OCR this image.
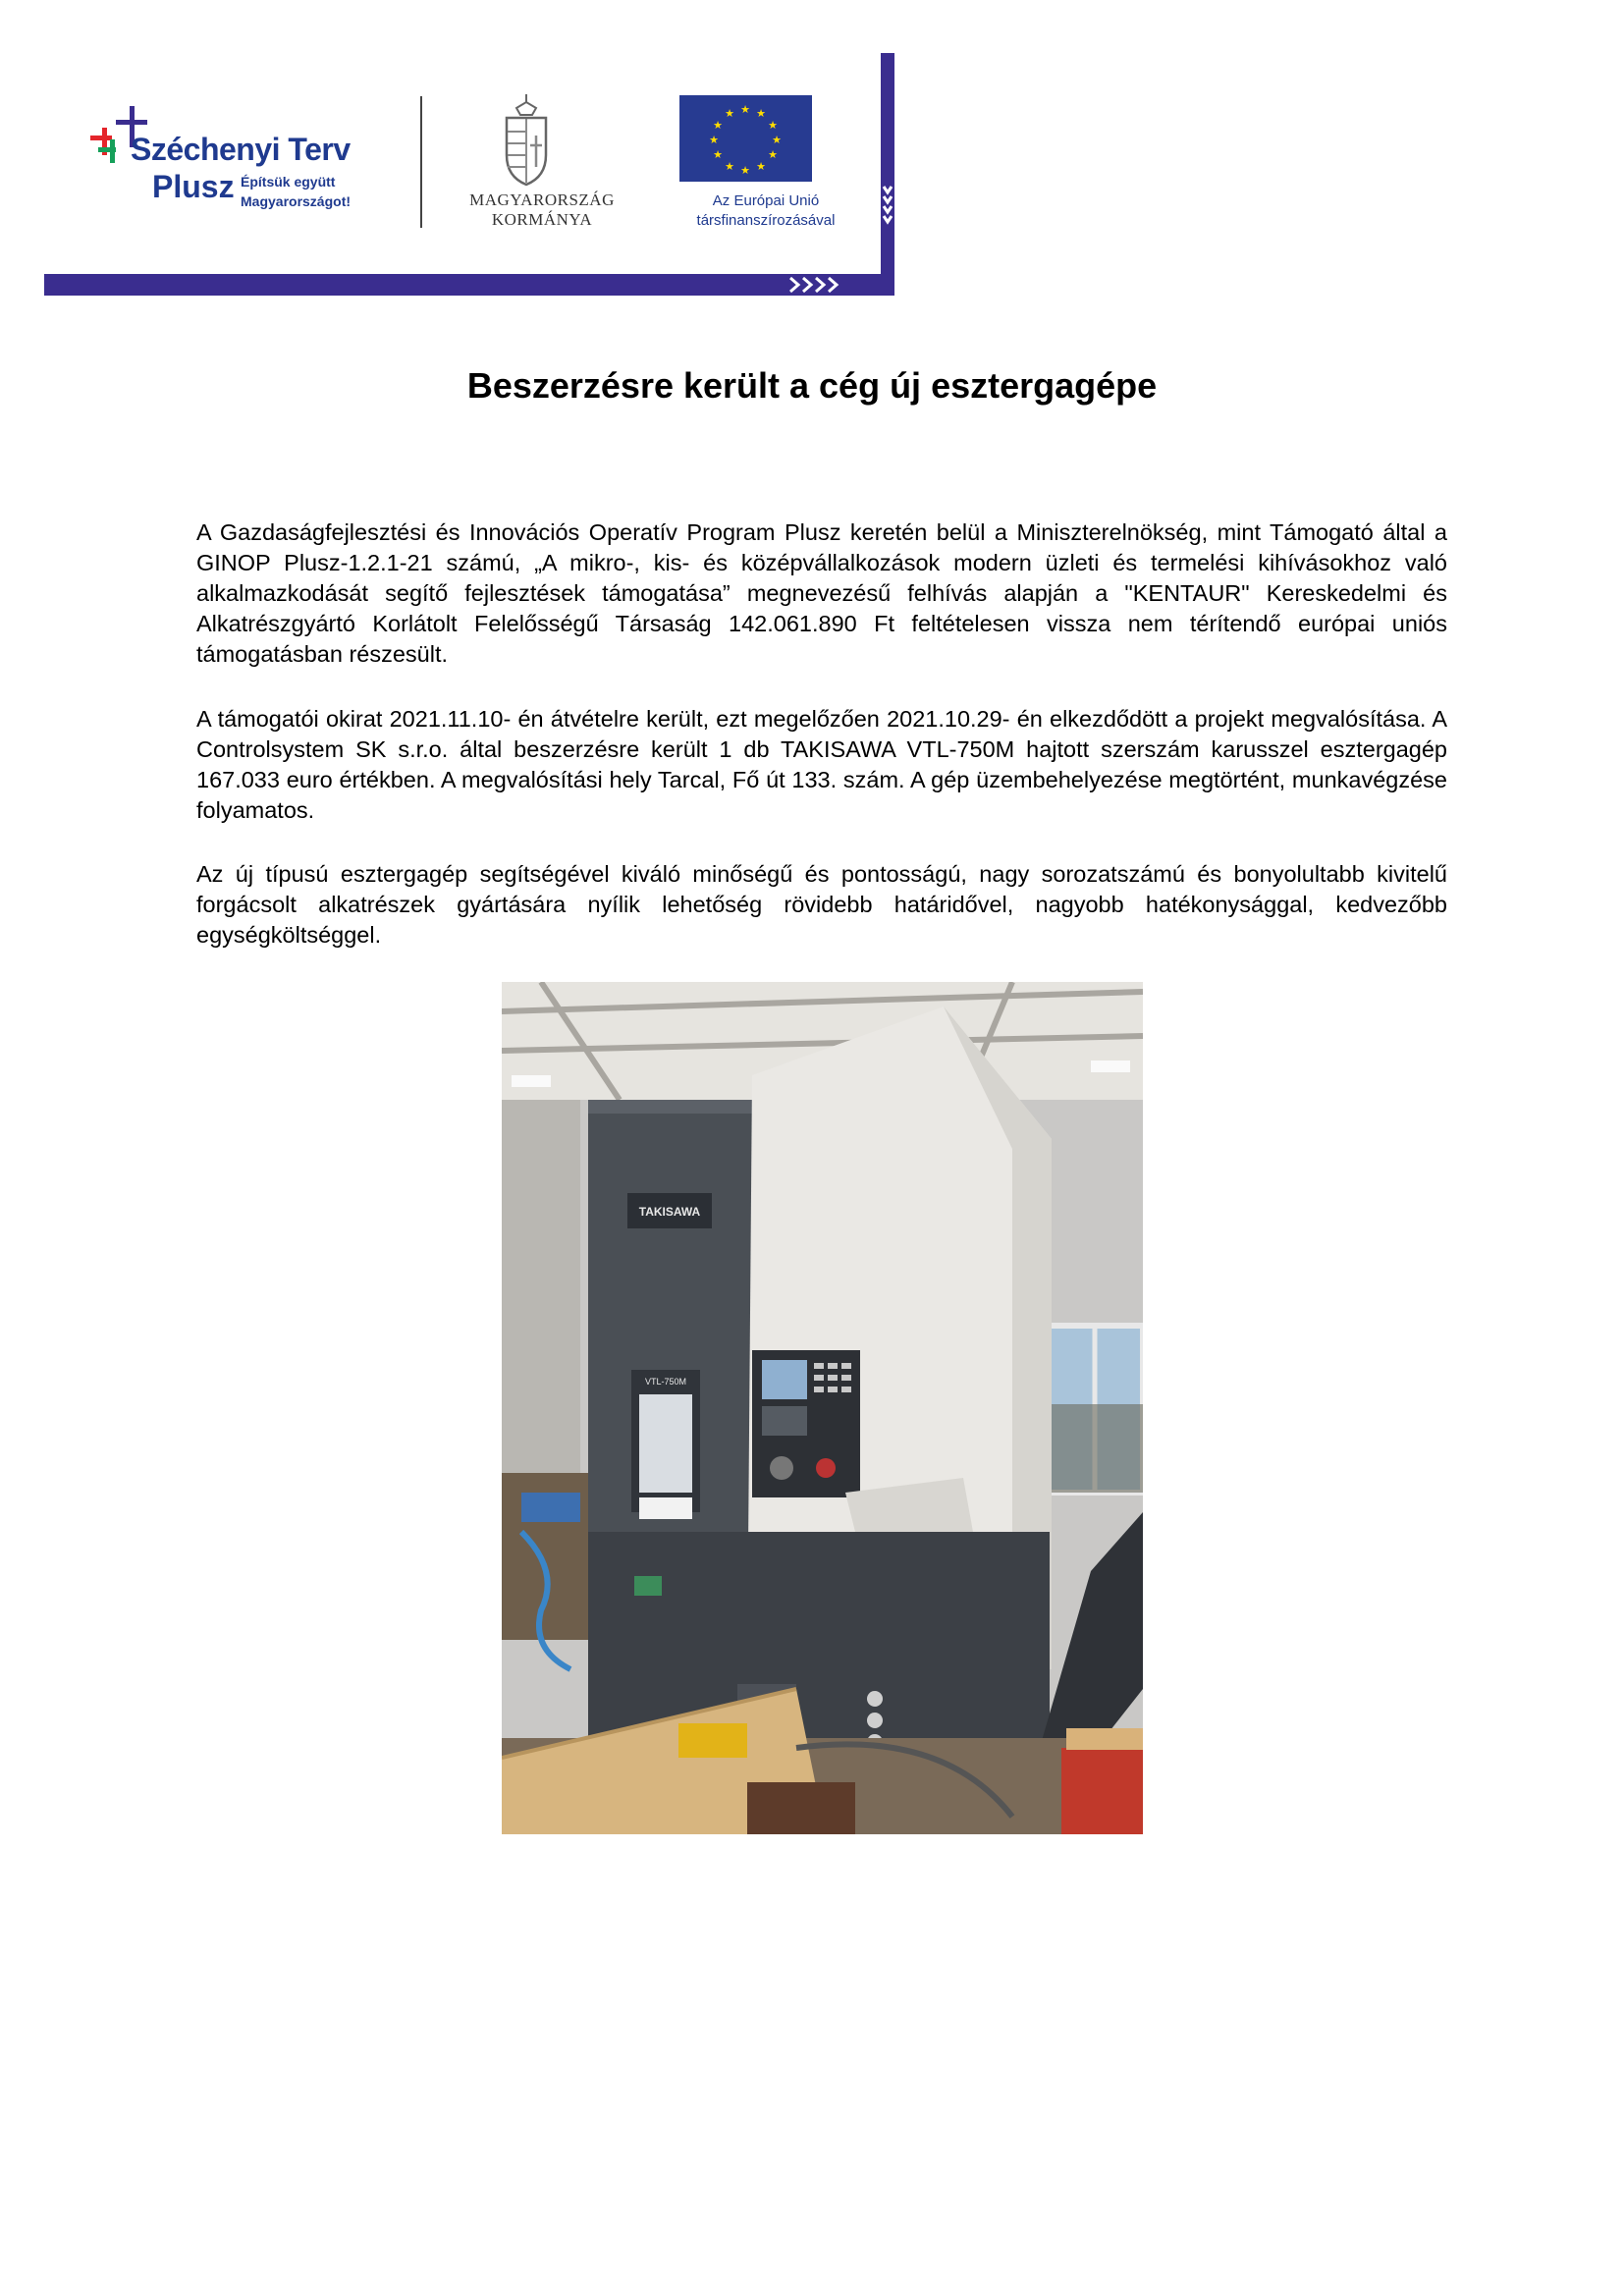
★ ★
★
★
★
★
★
★
★
★
★
★
Széchenyi Terv
Plusz Építsük együtt
Magyarországot!	MAGYARORSZÁG
KORMÁNYA
Az Európai Unió
társfinanszírozásával
Beszerzésre került a cég új esztergagépe

A Gazdaságfejlesztési és Innovációs Operatív Program Plusz keretén belül a Miniszterelnökség, mint Támogató által a GINOP Plusz-1.2.1-21 számú, „A mikro-, kis- és középvállalkozások modern üzleti és termelési kihívásokhoz való alkalmazkodását segítő fejlesztések támogatása” megnevezésű felhívás alapján a "KENTAUR" Kereskedelmi és Alkatrészgyártó Korlátolt Felelősségű Társaság 142.061.890 Ft feltételesen vissza nem térítendő európai uniós támogatásban részesült.

A támogatói okirat 2021.11.10- én átvételre került, ezt megelőzően 2021.10.29- én elkezdődött a projekt megvalósítása. A Controlsystem SK s.r.o. által beszerzésre került 1 db TAKISAWA VTL-750M hajtott szerszám karusszel esztergagép 167.033 euro értékben. A megvalósítási hely Tarcal, Fő út 133. szám. A gép üzembehelyezése megtörtént, munkavégzése folyamatos.

Az új típusú esztergagép segítségével kiváló minőségű és pontosságú, nagy sorozatszámú és bonyolultabb kivitelű forgácsolt alkatrészek gyártására nyílik lehetőség rövidebb határidővel, nagyobb hatékonysággal, kedvezőbb egységköltséggel.

TAKISAWA
VTL-750M
